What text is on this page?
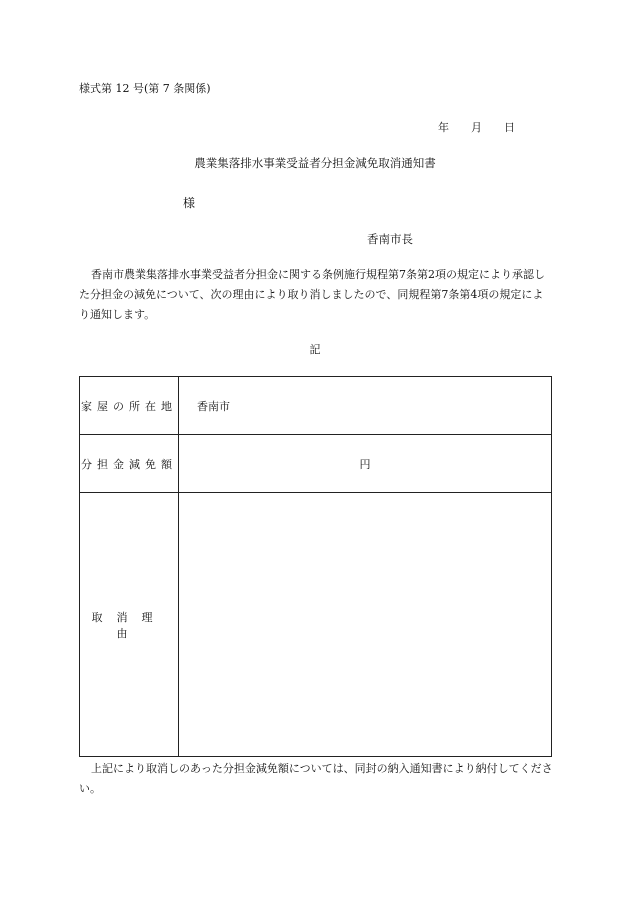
様式第 12 号(第 7 条関係)
年 月 日
農業集落排水事業受益者分担金減免取消通知書
様
香南市長
香南市農業集落排水事業受益者分担金に関する条例施行規程第7条第2項の規定により承認した分担金の減免について、次の理由により取り消しましたので、同規程第7条第4項の規定により通知します。
記
家屋の所在地	香南市
分担金減免額	円
取消理由	
上記により取消しのあった分担金減免額については、同封の納入通知書により納付してください。
